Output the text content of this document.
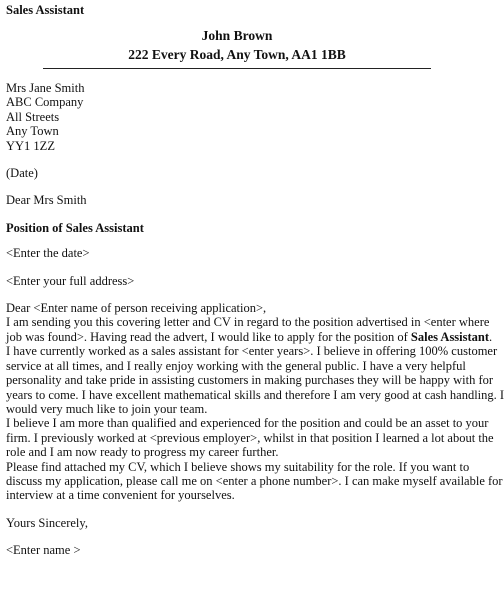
Sales Assistant
John Brown
222 Every Road, Any Town, AA1 1BB

Mrs Jane Smith

ABC Company

All Streets

Any Town

YY1 1ZZ

(Date)

Dear Mrs Smith

Position of Sales Assistant

<Enter the date>

<Enter your full address>

Dear <Enter name of person receiving application>,

I am sending you this covering letter and CV in regard to the position advertised in <enter where
job was found>. Having read the advert, I would like to apply for the position of Sales Assistant.
I have currently worked as a sales assistant for <enter years>. I believe in offering 100% customer
service at all times, and I really enjoy working with the general public. I have a very helpful
personality and take pride in assisting customers in making purchases they will be happy with for
years to come. I have excellent mathematical skills and therefore I am very good at cash handling. I
would very much like to join your team.
I believe I am more than qualified and experienced for the position and could be an asset to your
firm. I previously worked at <previous employer>, whilst in that position I learned a lot about the
role and I am now ready to progress my career further.
Please find attached my CV, which I believe shows my suitability for the role. If you want to
discuss my application, please call me on <enter a phone number>. I can make myself available for
interview at a time convenient for yourselves.

Yours Sincerely,

<Enter name >
